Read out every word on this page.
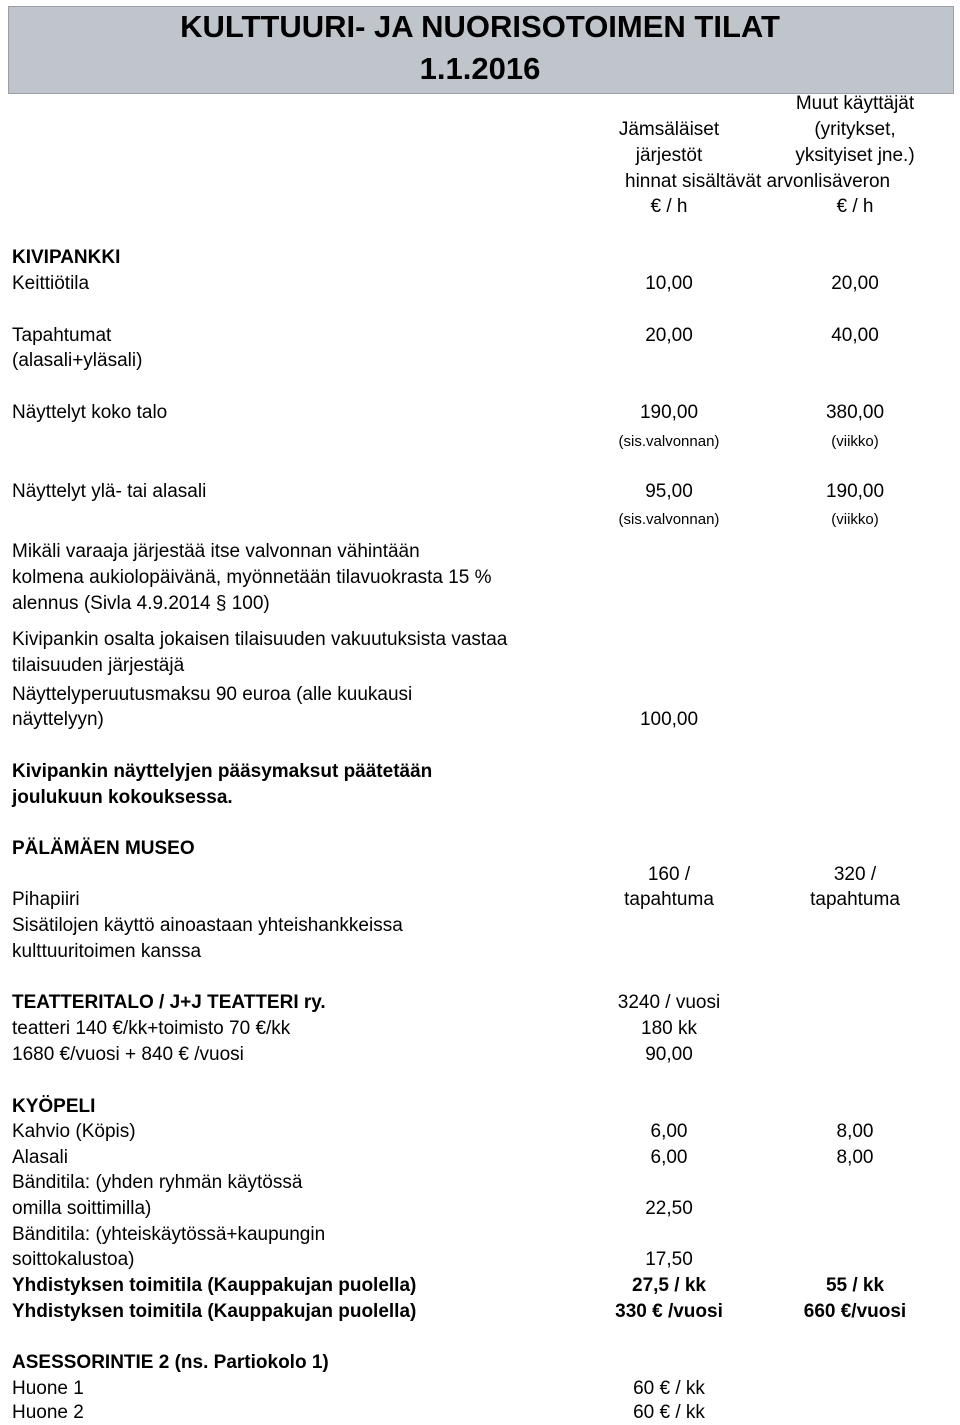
KULTTUURI- JA NUORISOTOIMEN TILAT
1.1.2016
Jämsäläiset
järjestöt
Muut käyttäjät
(yritykset,
yksityiset jne.)
hinnat sisältävät arvonlisäveron
€ / h	€ / h
KIVIPANKKI
Keittiötila	10,00	20,00
Tapahtumat
(alasali+yläsali)
20,00	40,00
Näyttelyt koko talo	190,00	380,00
(sis.valvonnan)	(viikko)
Näyttelyt ylä- tai alasali	95,00	190,00
(sis.valvonnan)	(viikko)
Mikäli varaaja järjestää itse valvonnan vähintään
kolmena aukiolopäivänä, myönnetään tilavuokrasta 15 %
alennus (Sivla 4.9.2014 § 100)
Kivipankin osalta jokaisen tilaisuuden vakuutuksista vastaa
tilaisuuden järjestäjä
Näyttelyperuutusmaksu 90 euroa (alle kuukausi
näyttelyyn)	100,00
Kivipankin näyttelyjen pääsymaksut päätetään
joulukuun kokouksessa.
PÄLÄMÄEN MUSEO
160 /	320 /
Pihapiiri	tapahtuma	tapahtuma
Sisätilojen käyttö ainoastaan yhteishankkeissa
kulttuuritoimen kanssa
TEATTERITALO / J+J TEATTERI ry.	3240 / vuosi
teatteri 140 €/kk+toimisto 70 €/kk	180 kk
1680 €/vuosi + 840 € /vuosi	90,00
KYÖPELI
Kahvio (Köpis)	6,00	8,00
Alasali	6,00	8,00
Bänditila: (yhden ryhmän käytössä
omilla soittimilla)	22,50
Bänditila: (yhteiskäytössä+kaupungin
soittokalustoa)	17,50
Yhdistyksen toimitila (Kauppakujan puolella)	27,5 / kk	55 / kk
Yhdistyksen toimitila (Kauppakujan puolella)	330 € /vuosi	660 €/vuosi
ASESSORINTIE 2 (ns. Partiokolo 1)
Huone 1	60 € / kk
Huone 2	60 € / kk
